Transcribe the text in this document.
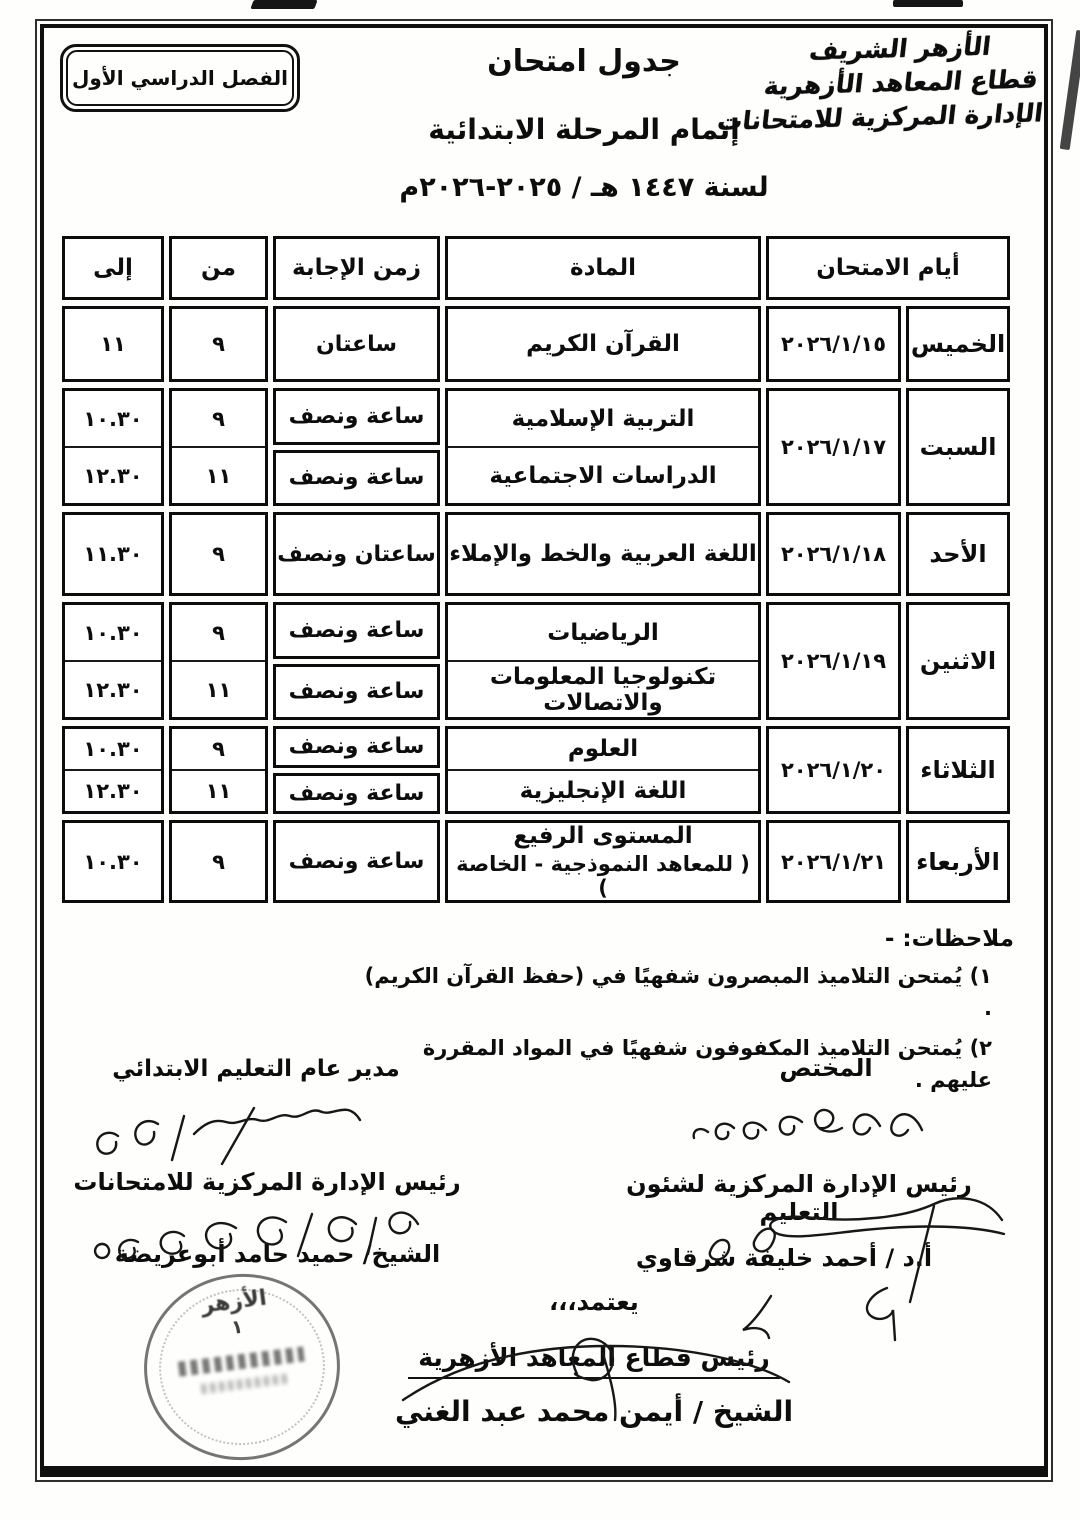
الفصل الدراسي الأول
الأزهر الشريف
قطاع المعاهد الأزهرية
الإدارة المركزية للامتحانات
جدول امتحان
إتمام المرحلة الابتدائية
لسنة ١٤٤٧ هـ / ٢٠٢٥-٢٠٢٦م
أيام الامتحان
المادة
زمن الإجابة
من
إلى
الخميس
٢٠٢٦/١/١٥
القرآن الكريم
ساعتان
٩
١١
السبت
٢٠٢٦/١/١٧
التربية الإسلامية
الدراسات الاجتماعية
ساعة ونصف
ساعة ونصف
٩
١١
١٠.٣٠
١٢.٣٠
الأحد
٢٠٢٦/١/١٨
اللغة العربية والخط والإملاء
ساعتان ونصف
٩
١١.٣٠
الاثنين
٢٠٢٦/١/١٩
الرياضيات
تكنولوجيا المعلومات والاتصالات
ساعة ونصف
ساعة ونصف
٩
١١
١٠.٣٠
١٢.٣٠
الثلاثاء
٢٠٢٦/١/٢٠
العلوم
اللغة الإنجليزية
ساعة ونصف
ساعة ونصف
٩
١١
١٠.٣٠
١٢.٣٠
الأربعاء
٢٠٢٦/١/٢١
المستوى الرفيع
( للمعاهد النموذجية - الخاصة )
ساعة ونصف
٩
١٠.٣٠
ملاحظات: -
١) يُمتحن التلاميذ المبصرون شفهيًا في (حفظ القرآن الكريم) .
٢) يُمتحن التلاميذ المكفوفون شفهيًا في المواد المقررة عليهم .
المختص
مدير عام التعليم الابتدائي
رئيس الإدارة المركزية لشئون التعليم
أ.د / أحمد خليفة شرقاوي
رئيس الإدارة المركزية للامتحانات
الشيخ/ حميد حامد أبوعريضة
يعتمد،،،

رئيس قطاع المعاهد الأزهرية
الشيخ / أيمن محمد عبد الغني
الأزهر
١
